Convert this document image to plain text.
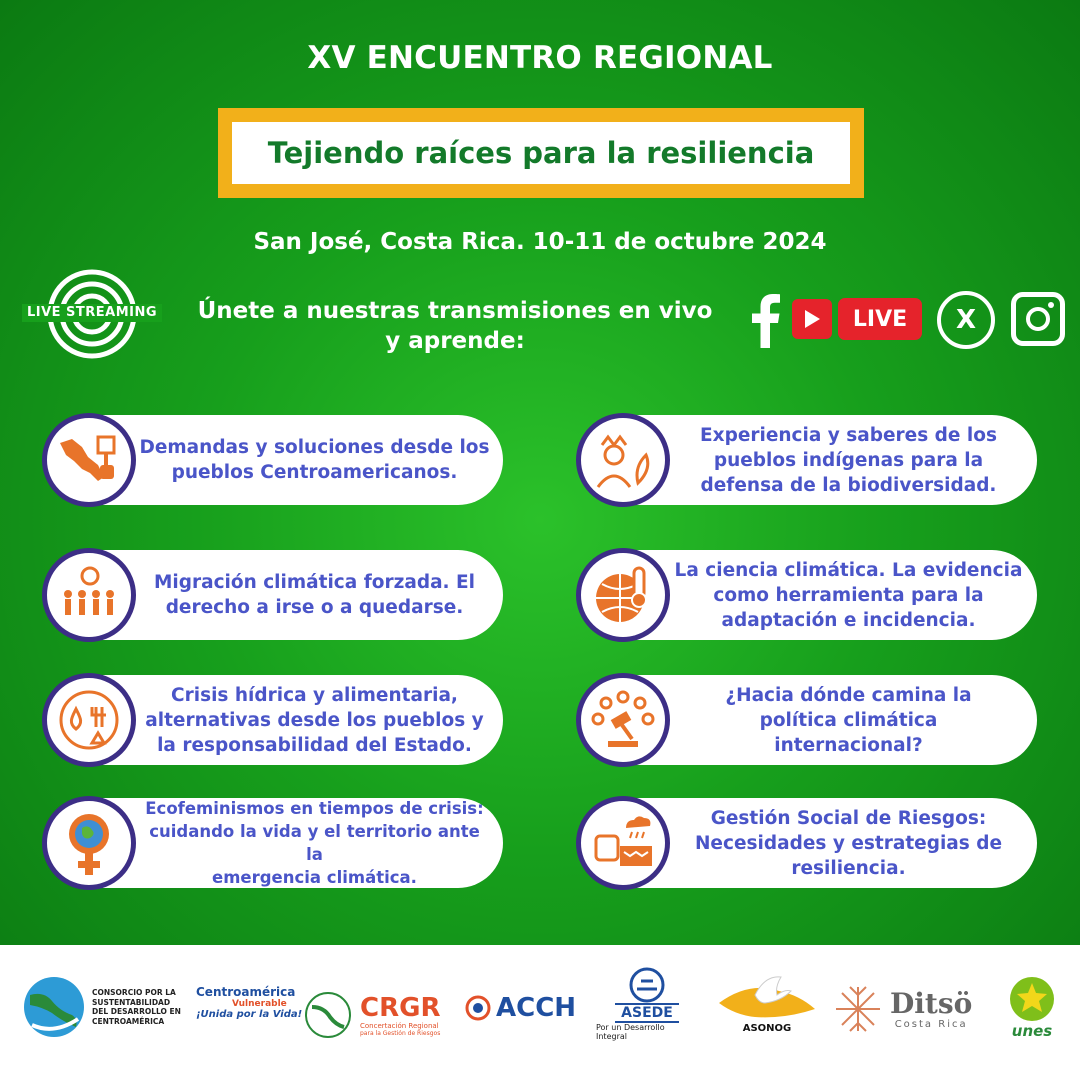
XV ENCUENTRO REGIONAL
Tejiendo raíces para la resiliencia
San José, Costa Rica. 10-11 de octubre 2024
LIVE STREAMING	Únete a nuestras transmisiones en vivo
y aprende:
LIVE	X
Demandas y soluciones desde los
pueblos Centroamericanos.
Migración climática forzada. El
derecho a irse o a quedarse.
Crisis hídrica y alimentaria,
alternativas desde los pueblos y
la responsabilidad del Estado.
Ecofeminismos en tiempos de crisis:
cuidando la vida y el territorio ante la
emergencia climática.
Experiencia y saberes de los
pueblos indígenas para la
defensa de la biodiversidad.
La ciencia climática. La evidencia
como herramienta para la
adaptación e incidencia.
¿Hacia dónde camina la
política climática
internacional?
Gestión Social de Riesgos:
Necesidades y estrategias de
resiliencia.
CONSORCIO POR LA
SUSTENTABILIDAD
DEL DESARROLLO EN
CENTROAMÉRICA
Centroamérica
Vulnerable
¡Unida por la Vida! CRGR
Concertación Regional
para la Gestión de Riesgos
ACCH	ASEDE
Por un Desarrollo Integral
ASONOG
Ditsö
Costa Rica	unes
